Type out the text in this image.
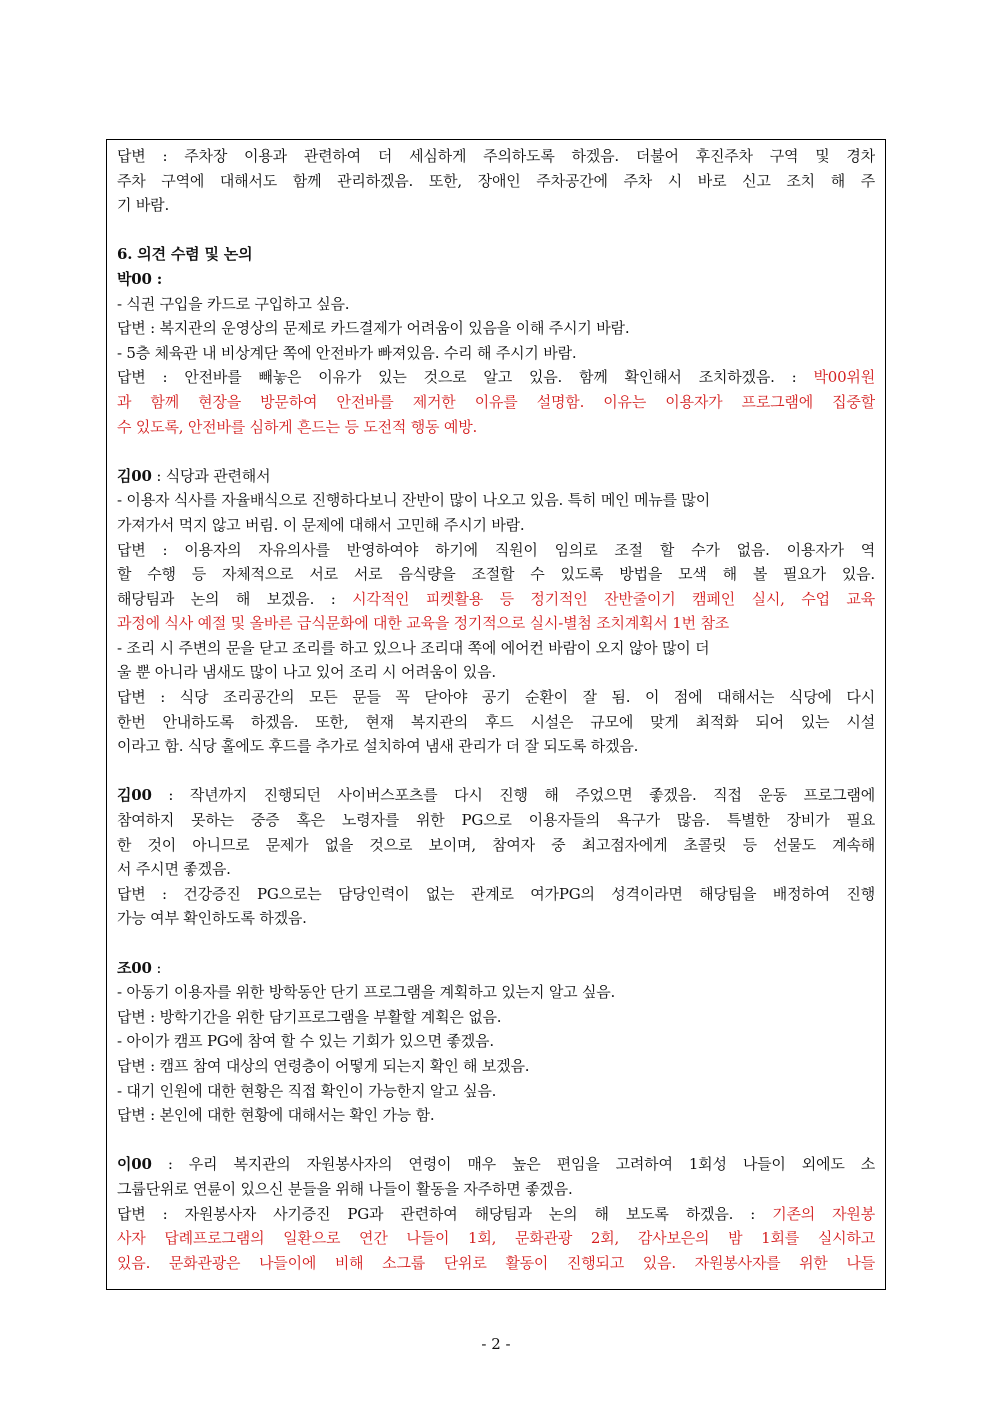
답변 : 주차장 이용과 관련하여 더 세심하게 주의하도록 하겠음. 더불어 후진주차 구역 및 경차
주차 구역에 대해서도 함께 관리하겠음. 또한, 장애인 주차공간에 주차 시 바로 신고 조치 해 주
기 바람.
6. 의견 수렴 및 논의
박00 :
- 식권 구입을 카드로 구입하고 싶음.
답변 : 복지관의 운영상의 문제로 카드결제가 어려움이 있음을 이해 주시기 바람.
- 5층 체육관 내 비상계단 쪽에 안전바가 빠져있음. 수리 해 주시기 바람.
답변 : 안전바를 빼놓은 이유가 있는 것으로 알고 있음. 함께 확인해서 조치하겠음. : 박00위원
과 함께 현장을 방문하여 안전바를 제거한 이유를 설명함. 이유는 이용자가 프로그램에 집중할
수 있도록, 안전바를 심하게 흔드는 등 도전적 행동 예방.
김00 : 식당과 관련해서
- 이용자 식사를 자율배식으로 진행하다보니 잔반이 많이 나오고 있음. 특히 메인 메뉴를 많이
가져가서 먹지 않고 버림. 이 문제에 대해서 고민해 주시기 바람.
답변 : 이용자의 자유의사를 반영하여야 하기에 직원이 임의로 조절 할 수가 없음. 이용자가 역
할 수행 등 자체적으로 서로 서로 음식량을 조절할 수 있도록 방법을 모색 해 볼 필요가 있음.
해당팀과 논의 해 보겠음. : 시각적인 피켓활용 등 정기적인 잔반줄이기 캠페인 실시, 수업 교육
과정에 식사 예절 및 올바른 급식문화에 대한 교육을 정기적으로 실시-별첨 조치계획서 1번 참조
- 조리 시 주변의 문을 닫고 조리를 하고 있으나 조리대 쪽에 에어컨 바람이 오지 않아 많이 더
울 뿐 아니라 냄새도 많이 나고 있어 조리 시 어려움이 있음.
답변 : 식당 조리공간의 모든 문들 꼭 닫아야 공기 순환이 잘 됨. 이 점에 대해서는 식당에 다시
한번 안내하도록 하겠음. 또한, 현재 복지관의 후드 시설은 규모에 맞게 최적화 되어 있는 시설
이라고 함. 식당 홀에도 후드를 추가로 설치하여 냄새 관리가 더 잘 되도록 하겠음.
김00 : 작년까지 진행되던 사이버스포츠를 다시 진행 해 주었으면 좋겠음. 직접 운동 프로그램에
참여하지 못하는 중증 혹은 노령자를 위한 PG으로 이용자들의 욕구가 많음. 특별한 장비가 필요
한 것이 아니므로 문제가 없을 것으로 보이며, 참여자 중 최고점자에게 초콜릿 등 선물도 계속해
서 주시면 좋겠음.
답변 : 건강증진 PG으로는 담당인력이 없는 관계로 여가PG의 성격이라면 해당팀을 배정하여 진행
가능 여부 확인하도록 하겠음.
조00 :
- 아동기 이용자를 위한 방학동안 단기 프로그램을 계획하고 있는지 알고 싶음.
답변 : 방학기간을 위한 담기프로그램을 부활할 계획은 없음.
- 아이가 캠프 PG에 참여 할 수 있는 기회가 있으면 좋겠음.
답변 : 캠프 참여 대상의 연령층이 어떻게 되는지 확인 해 보겠음.
- 대기 인원에 대한 현황은 직접 확인이 가능한지 알고 싶음.
답변 : 본인에 대한 현황에 대해서는 확인 가능 함.
이00 : 우리 복지관의 자원봉사자의 연령이 매우 높은 편임을 고려하여 1회성 나들이 외에도 소
그룹단위로 연륜이 있으신 분들을 위해 나들이 활동을 자주하면 좋겠음.
답변 : 자원봉사자 사기증진 PG과 관련하여 해당팀과 논의 해 보도록 하겠음. : 기존의 자원봉
사자 답례프로그램의 일환으로 연간 나들이 1회, 문화관광 2회, 감사보은의 밤 1회를 실시하고
있음. 문화관광은 나들이에 비해 소그룹 단위로 활동이 진행되고 있음. 자원봉사자를 위한 나들
- 2 -
